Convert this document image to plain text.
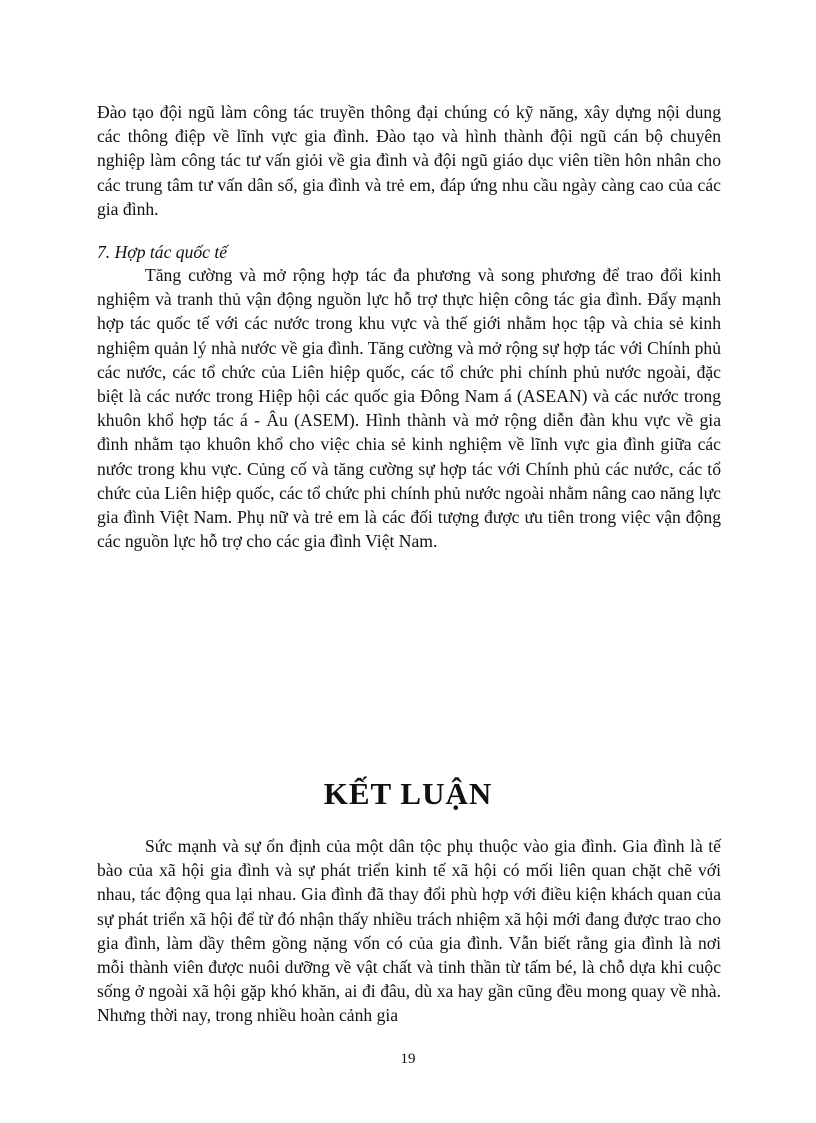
Đào tạo đội ngũ làm công tác truyền thông đại chúng có kỹ năng, xây dựng nội dung các thông điệp về lĩnh vực gia đình. Đào tạo và hình thành đội ngũ cán bộ chuyên nghiệp làm công tác tư vấn giỏi về gia đình và đội ngũ giáo dục viên tiền hôn nhân cho các trung tâm tư vấn dân số, gia đình và trẻ em, đáp ứng nhu cầu ngày càng cao của các gia đình.

7. Hợp tác quốc tế

Tăng cường và mở rộng hợp tác đa phương và song phương để trao đổi kinh nghiệm và tranh thủ vận động nguồn lực hỗ trợ thực hiện công tác gia đình. Đẩy mạnh hợp tác quốc tế với các nước trong khu vực và thế giới nhằm học tập và chia sẻ kinh nghiệm quản lý nhà nước về gia đình. Tăng cường và mở rộng sự hợp tác với Chính phủ các nước, các tổ chức của Liên hiệp quốc, các tổ chức phi chính phủ nước ngoài, đặc biệt là các nước trong Hiệp hội các quốc gia Đông Nam á (ASEAN) và các nước trong khuôn khổ hợp tác á - Âu (ASEM). Hình thành và mở rộng diễn đàn khu vực về gia đình nhằm tạo khuôn khổ cho việc chia sẻ kinh nghiệm về lĩnh vực gia đình giữa các nước trong khu vực. Củng cố và tăng cường sự hợp tác với Chính phủ các nước, các tổ chức của Liên hiệp quốc, các tổ chức phi chính phủ nước ngoài nhằm nâng cao năng lực gia đình Việt Nam. Phụ nữ và trẻ em là các đối tượng được ưu tiên trong việc vận động các nguồn lực hỗ trợ cho các gia đình Việt Nam.

KẾT LUẬN

Sức mạnh và sự ổn định của một dân tộc phụ thuộc vào gia đình. Gia đình là tế bào của xã hội gia đình và sự phát triển kinh tế xã hội có mối liên quan chặt chẽ với nhau, tác động qua lại nhau. Gia đình đã thay đổi phù hợp với điều kiện khách quan của sự phát triển xã hội để từ đó nhận thấy nhiều trách nhiệm xã hội mới đang được trao cho gia đình, làm dầy thêm gồng nặng vốn có của gia đình. Vẫn biết rằng gia đình là nơi mỗi thành viên được nuôi dưỡng về vật chất và tinh thần từ tấm bé, là chỗ dựa khi cuộc sống ở ngoài xã hội gặp khó khăn, ai đi đâu, dù xa hay gần cũng đều mong quay về nhà. Nhưng thời nay, trong nhiều hoàn cảnh gia

19
